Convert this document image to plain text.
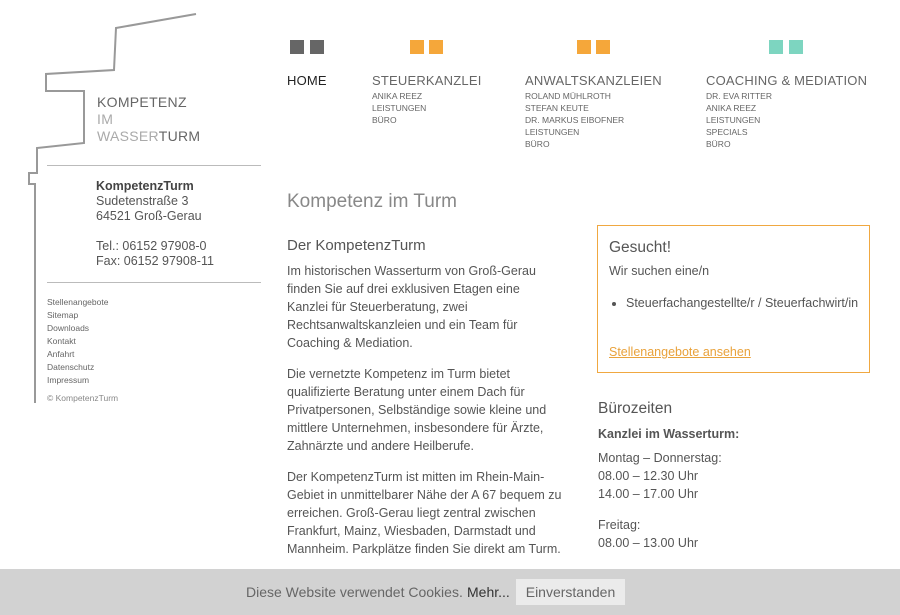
KOMPETENZ
IM
WASSERTURM
KompetenzTurm
Sudetenstraße 3
64521 Groß-Gerau
Tel.: 06152 97908-0
Fax: 06152 97908-11
Stellenangebote
Sitemap
Downloads
Kontakt
Anfahrt
Datenschutz
Impressum
© KompetenzTurm
HOME	STEUERKANZLEI
ANIKA REEZ
LEISTUNGEN
BÜRO
ANWALTSKANZLEIEN
ROLAND MÜHLROTH
STEFAN KEUTE
DR. MARKUS EIBOFNER
LEISTUNGEN
BÜRO
COACHING & MEDIATION
DR. EVA RITTER
ANIKA REEZ
LEISTUNGEN
SPECIALS
BÜRO
Kompetenz im Turm
Der KompetenzTurm

Im historischen Wasserturm von Groß-Gerau finden Sie auf drei exklusiven Etagen eine Kanzlei für Steuerberatung, zwei Rechtsanwaltskanzleien und ein Team für Coaching & Mediation.

Die vernetzte Kompetenz im Turm bietet qualifizierte Beratung unter einem Dach für Privatpersonen, Selbständige sowie kleine und mittlere Unternehmen, insbesondere für Ärzte, Zahnärzte und andere Heilberufe.

Der KompetenzTurm ist mitten im Rhein-Main-Gebiet in unmittelbarer Nähe der A 67 bequem zu erreichen. Groß-Gerau liegt zentral zwischen Frankfurt, Mainz, Wiesbaden, Darmstadt und Mannheim. Parkplätze finden Sie direkt am Turm.

Gesucht!
Wir suchen eine/n
• Steuerfachangestellte/r / Steuerfachwirt/in
Stellenangebote ansehen
Bürozeiten
Kanzlei im Wasserturm:
Montag – Donnerstag:
08.00 – 12.30 Uhr
14.00 – 17.00 Uhr
Freitag:
08.00 – 13.00 Uhr
Diese Website verwendet Cookies. Mehr...	Einverstanden
